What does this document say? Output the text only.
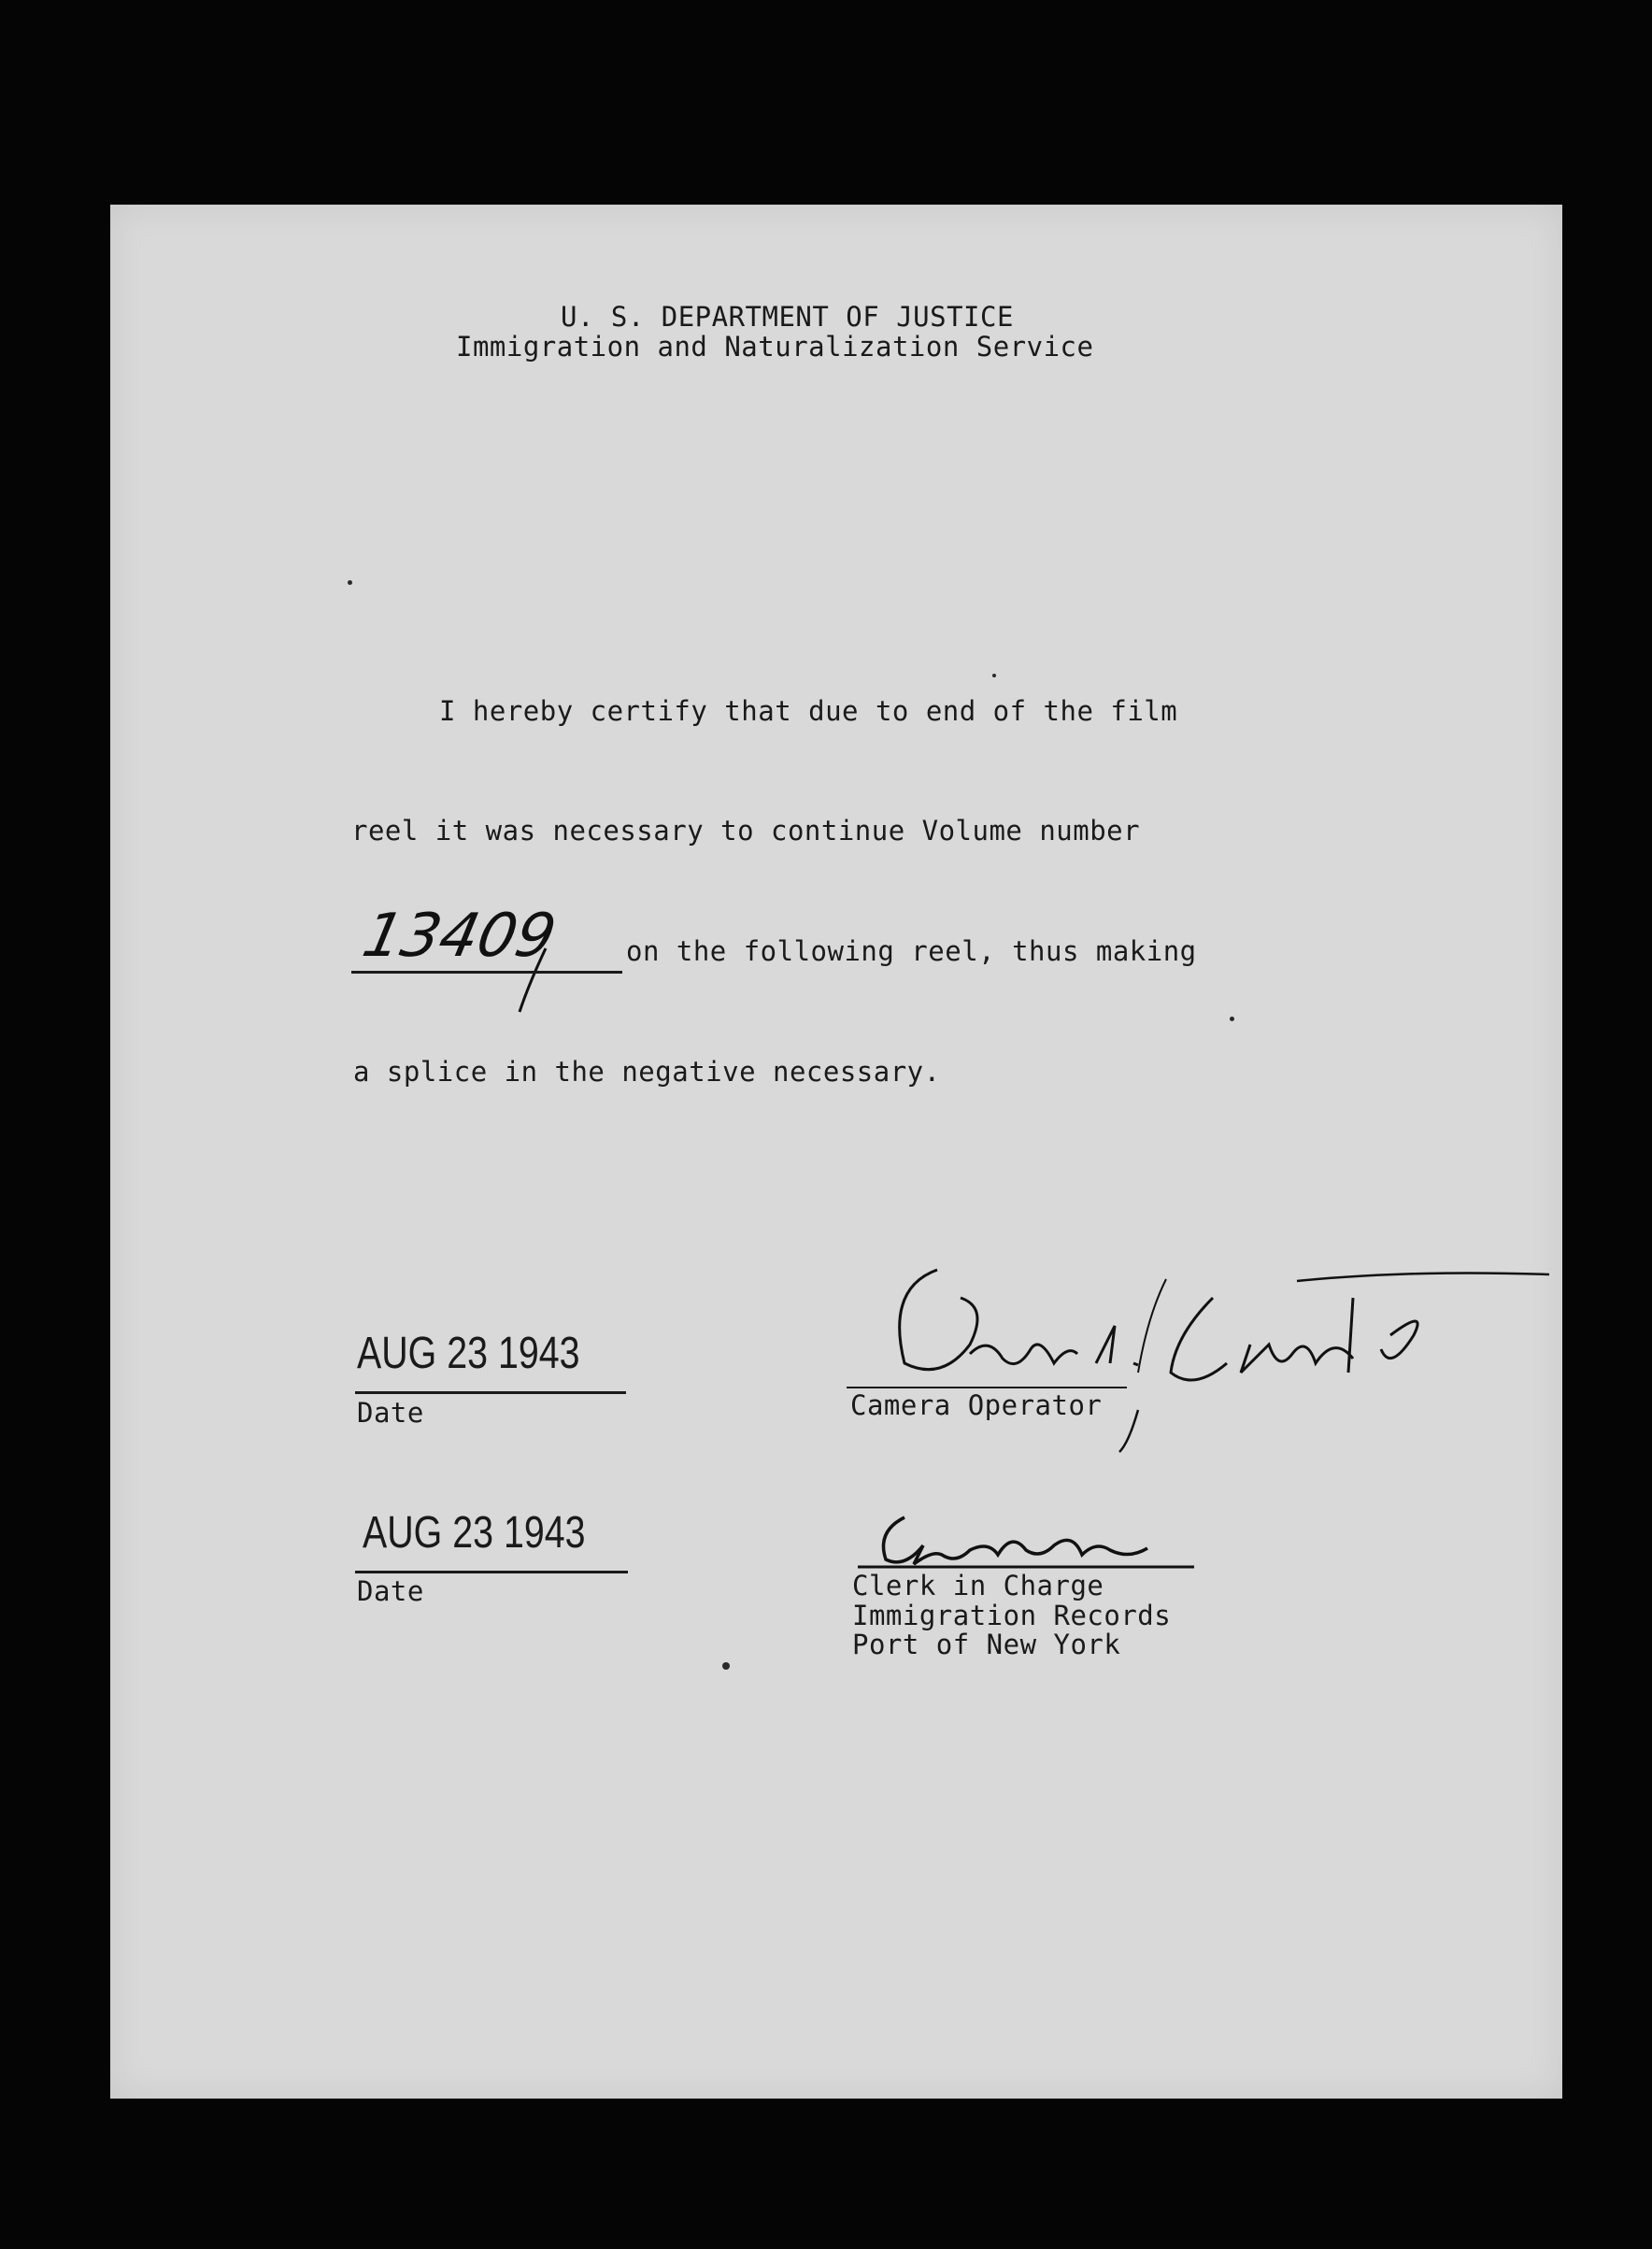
U. S. DEPARTMENT OF JUSTICE
Immigration and Naturalization Service
I hereby certify that due to end of the film
reel it was necessary to continue Volume number
13409 on the following reel, thus making
a splice in the negative necessary.
AUG 23 1943
Date	Camera Operator
AUG 23 1943
Date	Clerk in Charge
Immigration Records
Port of New York
